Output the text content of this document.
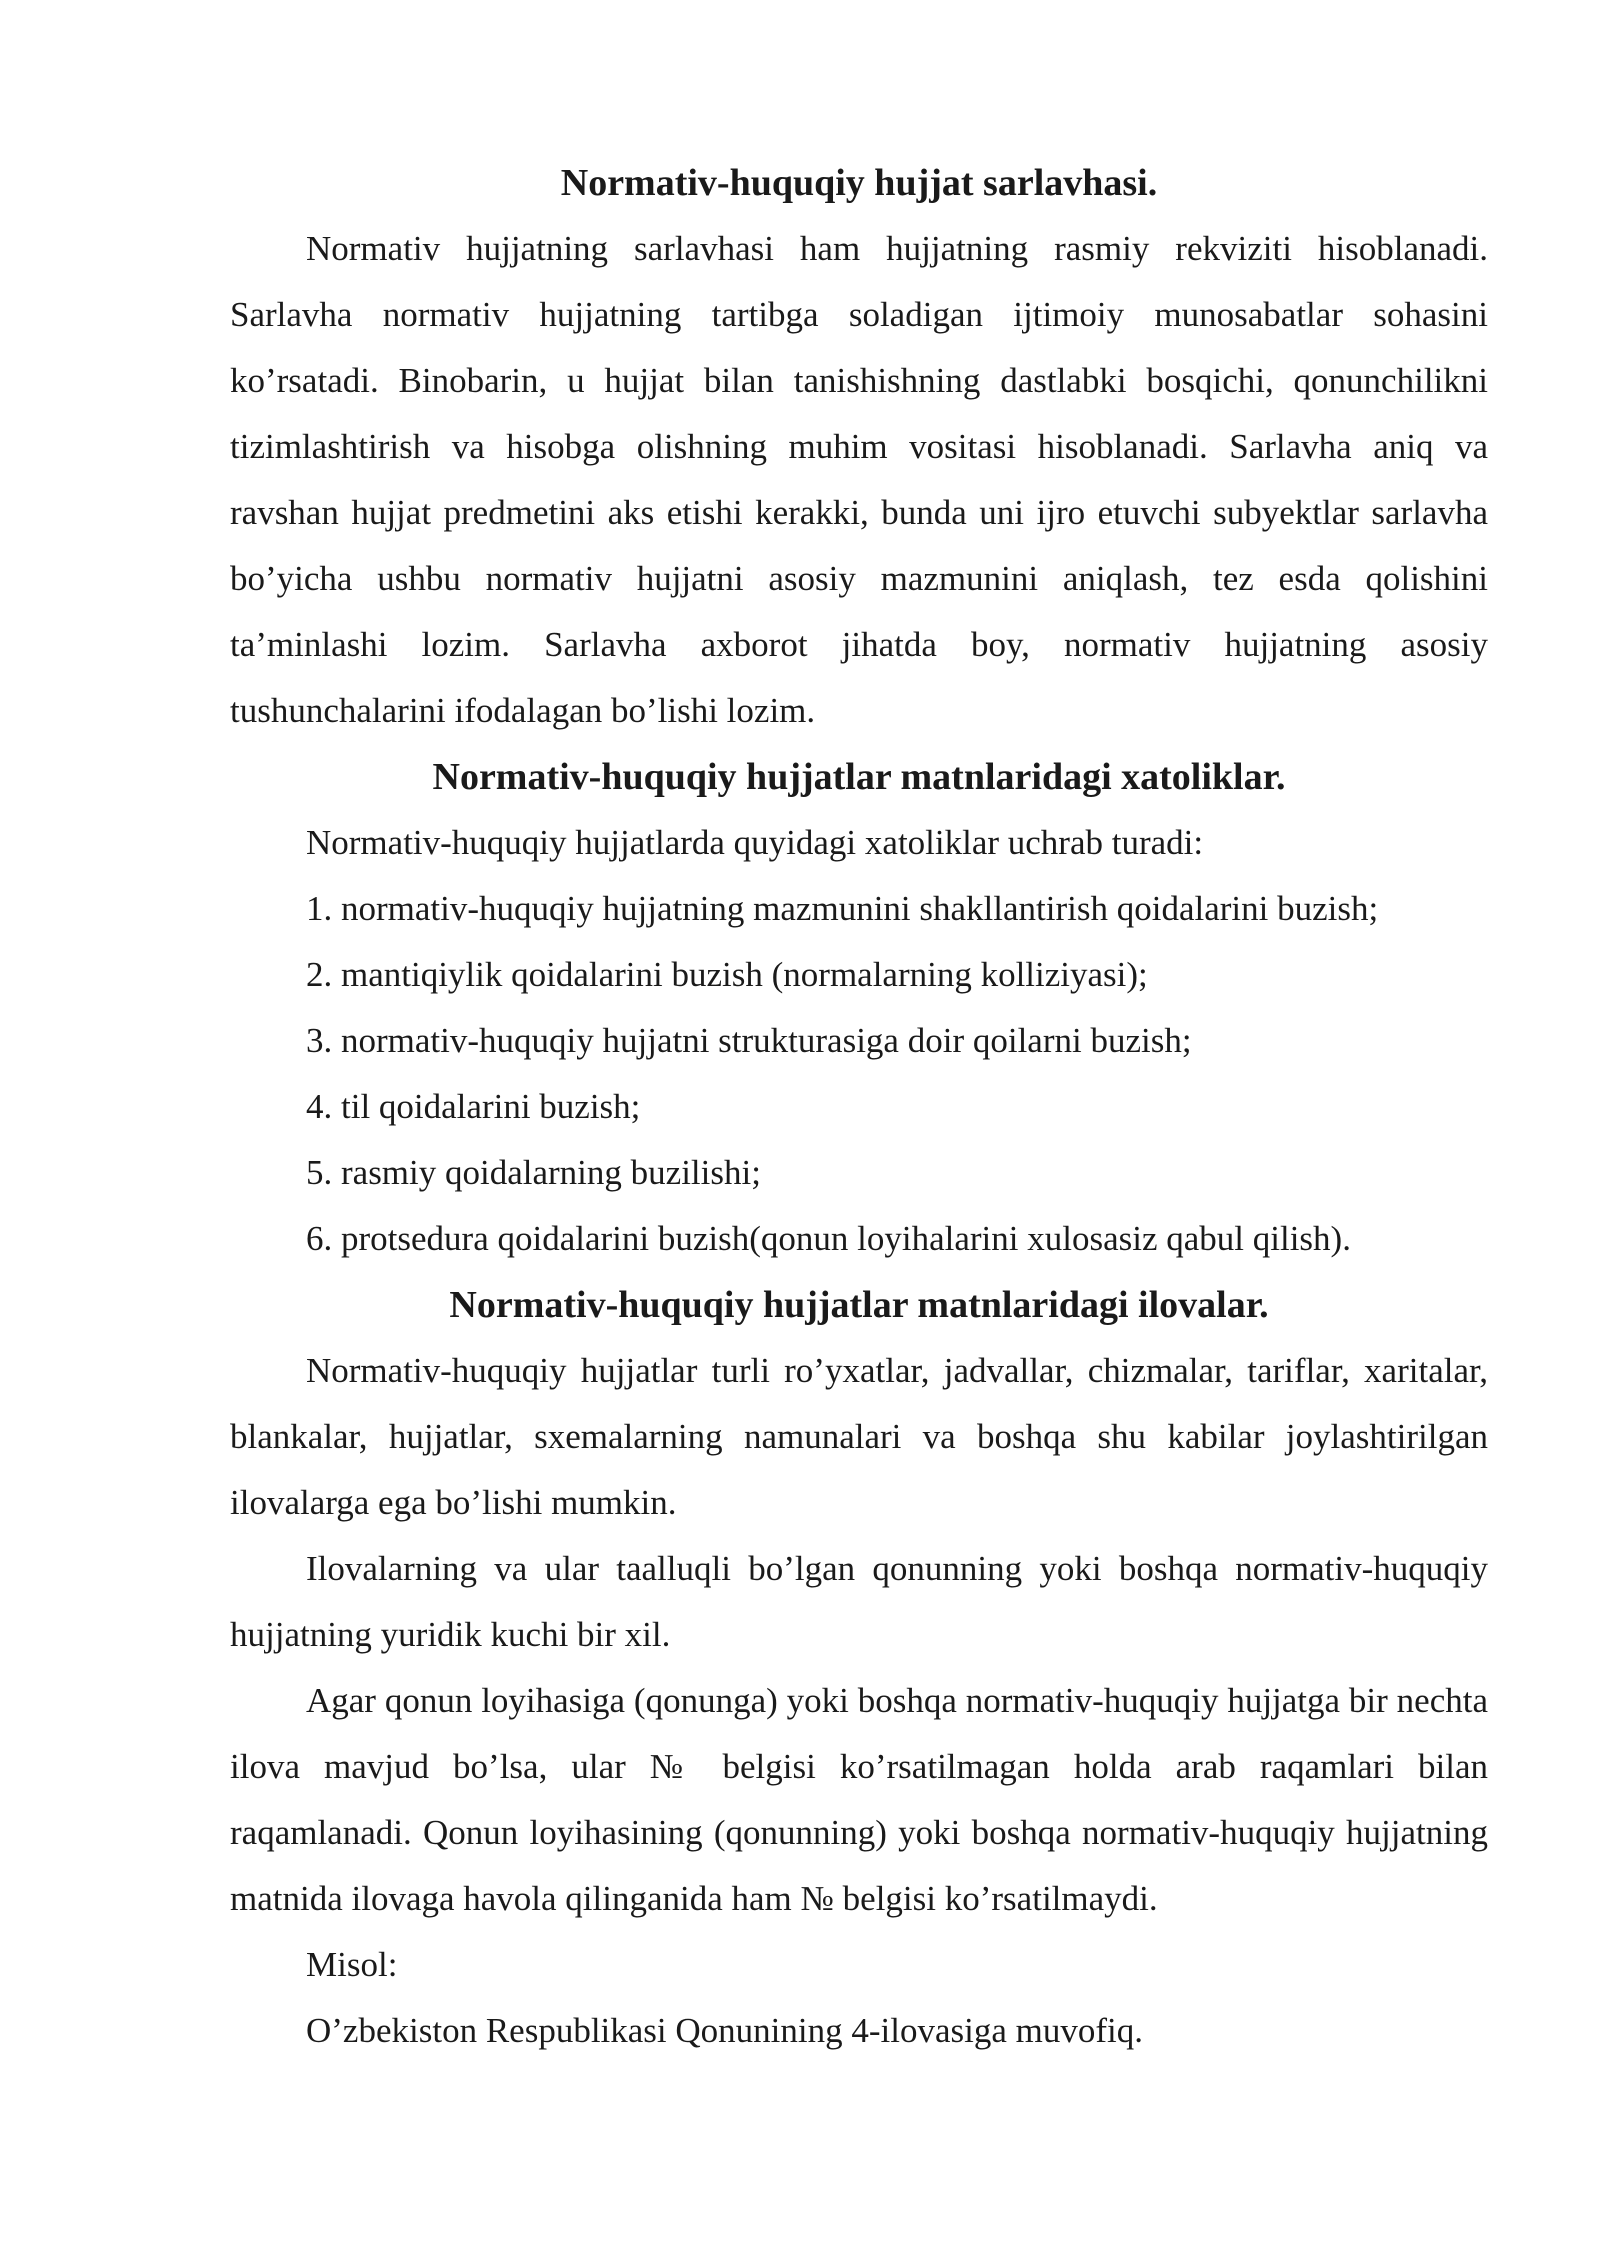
Normativ-huquqiy hujjat sarlavhasi.

Normativ hujjatning sarlavhasi ham hujjatning rasmiy rekviziti hisoblanadi. Sarlavha normativ hujjatning tartibga soladigan ijtimoiy munosabatlar sohasini ko’rsatadi. Binobarin, u hujjat bilan tanishishning dastlabki bosqichi, qonunchilikni tizimlashtirish va hisobga olishning muhim vositasi hisoblanadi. Sarlavha aniq va ravshan hujjat predmetini aks etishi kerakki, bunda uni ijro etuvchi subyektlar sarlavha bo’yicha ushbu normativ hujjatni asosiy mazmunini aniqlash, tez esda qolishini ta’minlashi lozim. Sarlavha axborot jihatda boy, normativ hujjatning asosiy tushunchalarini ifodalagan bo’lishi lozim.

Normativ-huquqiy hujjatlar matnlaridagi xatoliklar.

Normativ-huquqiy hujjatlarda quyidagi xatoliklar uchrab turadi:

1. normativ-huquqiy hujjatning mazmunini shakllantirish qoidalarini buzish;

2. mantiqiylik qoidalarini buzish (normalarning kolliziyasi);

3. normativ-huquqiy hujjatni strukturasiga doir qoilarni buzish;

4. til qoidalarini buzish;

5. rasmiy qoidalarning buzilishi;

6. protsedura qoidalarini buzish(qonun loyihalarini xulosasiz qabul qilish).

Normativ-huquqiy hujjatlar matnlaridagi ilovalar.

Normativ-huquqiy hujjatlar turli ro’yxatlar, jadvallar, chizmalar, tariflar, xaritalar, blankalar, hujjatlar, sxemalarning namunalari va boshqa shu kabilar joylashtirilgan ilovalarga ega bo’lishi mumkin.

Ilovalarning va ular taalluqli bo’lgan qonunning yoki boshqa normativ-huquqiy hujjatning yuridik kuchi bir xil.

Agar qonun loyihasiga (qonunga) yoki boshqa normativ-huquqiy hujjatga bir nechta ilova mavjud bo’lsa, ular № belgisi ko’rsatilmagan holda arab raqamlari bilan raqamlanadi. Qonun loyihasining (qonunning) yoki boshqa normativ-huquqiy hujjatning matnida ilovaga havola qilinganida ham № belgisi ko’rsatilmaydi.

Misol:

O’zbekiston Respublikasi Qonunining 4-ilovasiga muvofiq.
